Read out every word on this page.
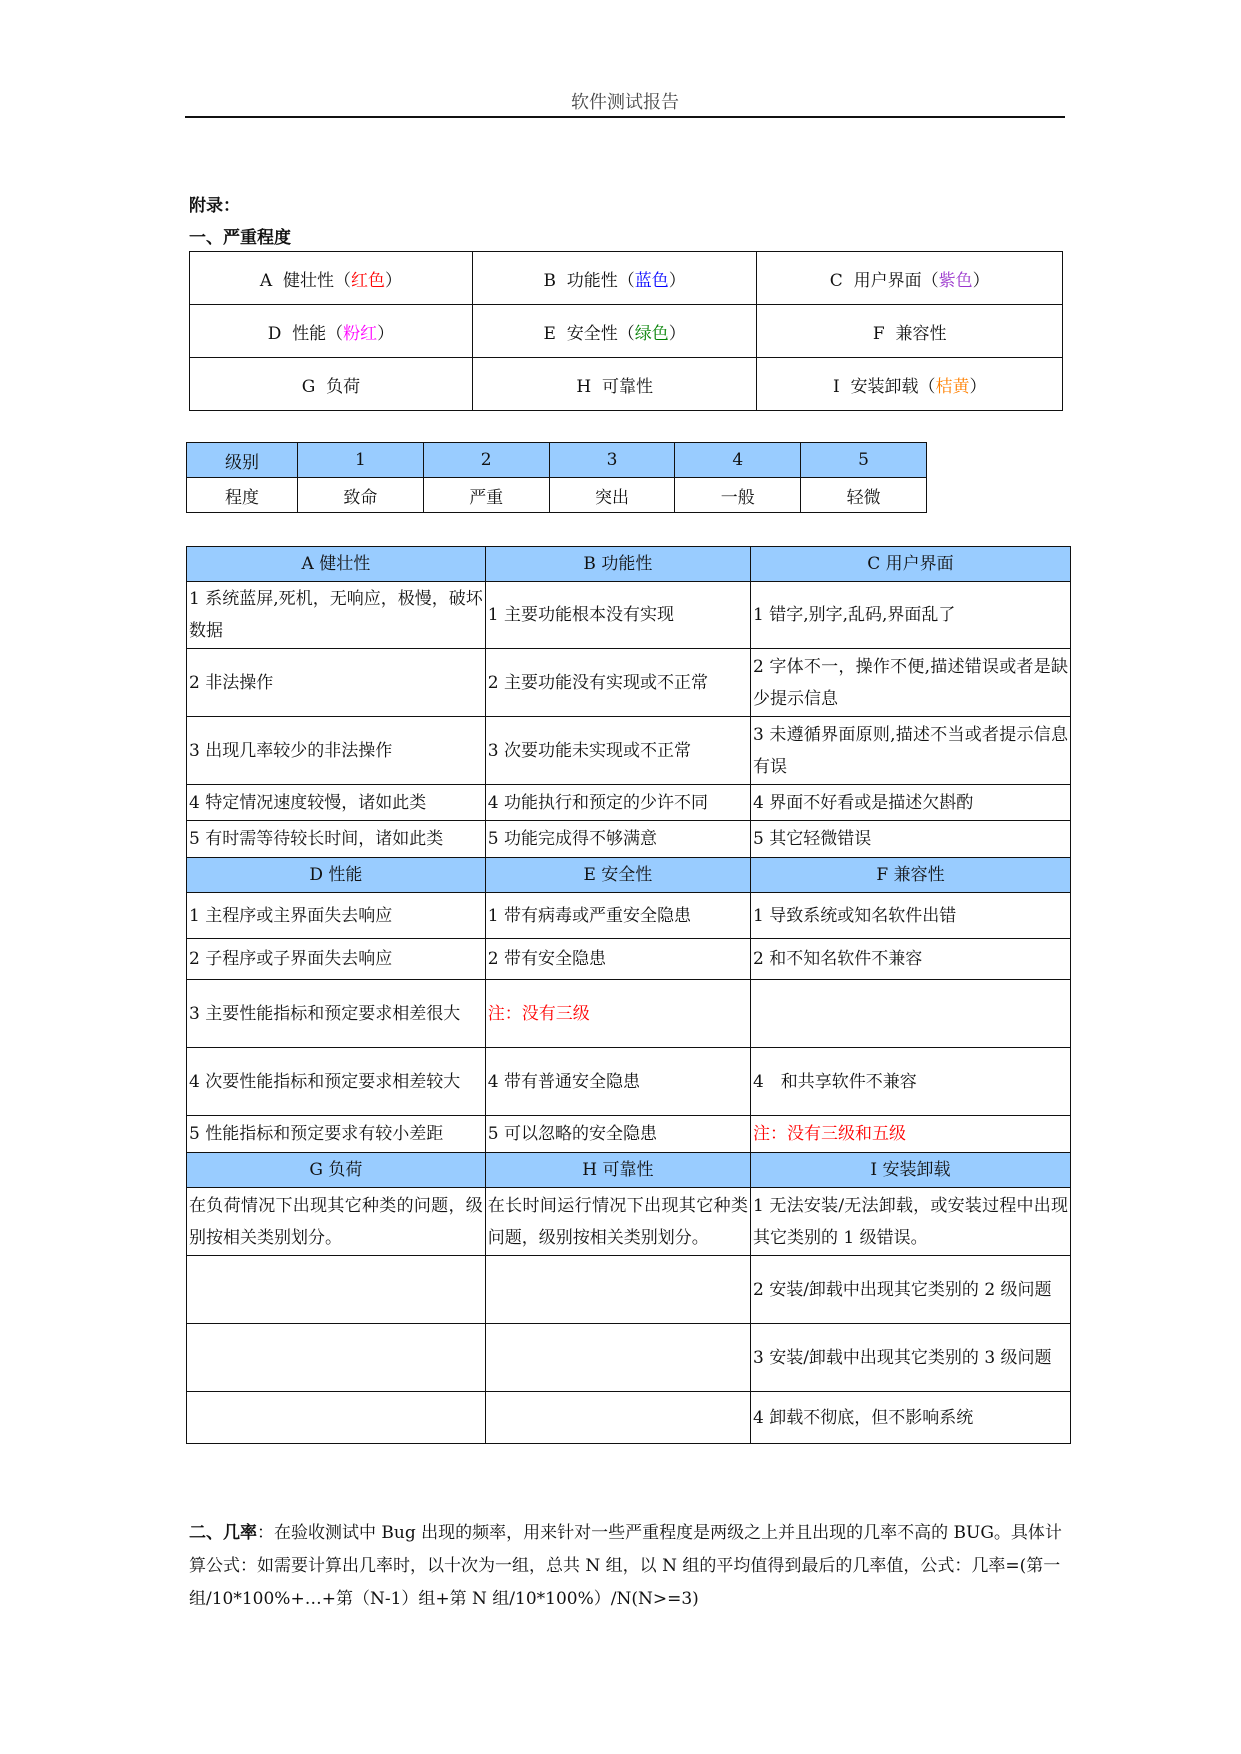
软件测试报告
附录：
一、严重程度
A 健壮性（红色）	B 功能性（蓝色）	C 用户界面（紫色）
D 性能（粉红）	E 安全性（绿色）	F 兼容性
G 负荷	H 可靠性	I 安装卸载（桔黄）
级别	1	2	3	4	5
程度	致命	严重	突出	一般	轻微
A 健壮性	B 功能性	C 用户界面
1 系统蓝屏,死机，无响应，极慢，破坏数据	1 主要功能根本没有实现	1 错字,别字,乱码,界面乱了
2 非法操作	2 主要功能没有实现或不正常	2 字体不一，操作不便,描述错误或者是缺少提示信息
3 出现几率较少的非法操作	3 次要功能未实现或不正常	3 未遵循界面原则,描述不当或者提示信息有误
4 特定情况速度较慢，诸如此类	4 功能执行和预定的少许不同	4 界面不好看或是描述欠斟酌
5 有时需等待较长时间，诸如此类	5 功能完成得不够满意	5 其它轻微错误
D 性能	E 安全性	F 兼容性
1 主程序或主界面失去响应	1 带有病毒或严重安全隐患	1 导致系统或知名软件出错
2 子程序或子界面失去响应	2 带有安全隐患	2 和不知名软件不兼容
3 主要性能指标和预定要求相差很大	注：没有三级	
4 次要性能指标和预定要求相差较大	4 带有普通安全隐患	4　和共享软件不兼容
5 性能指标和预定要求有较小差距	5 可以忽略的安全隐患	注：没有三级和五级
G 负荷	H 可靠性	I 安装卸载
在负荷情况下出现其它种类的问题，级别按相关类别划分。	在长时间运行情况下出现其它种类问题，级别按相关类别划分。	1 无法安装/无法卸载，或安装过程中出现其它类别的 1 级错误。
		2 安装/卸载中出现其它类别的 2 级问题
		3 安装/卸载中出现其它类别的 3 级问题
		4 卸载不彻底，但不影响系统
二、几率：在验收测试中 Bug 出现的频率，用来针对一些严重程度是两级之上并且出现的几率不高的 BUG。具体计算公式：如需要计算出几率时，以十次为一组，总共 N 组，以 N 组的平均值得到最后的几率值，公式：几率=(第一组/10*100%+…+第（N-1）组+第 N 组/10*100%）/N(N>=3)
